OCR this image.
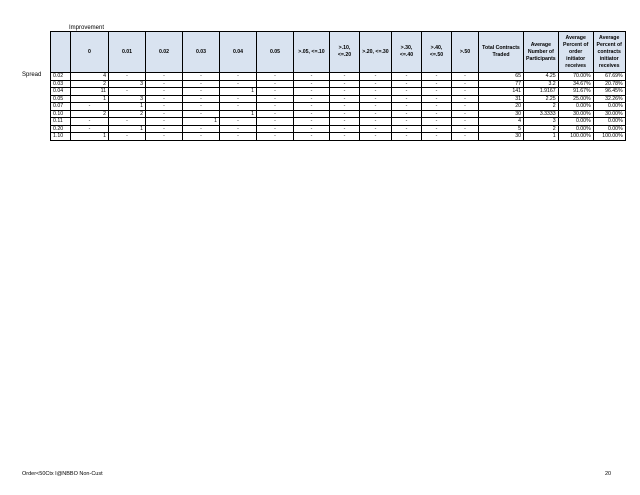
Improvement
Spread
	0	0.01	0.02	0.03	0.04	0.05	>.05, <=.10	>.10, <=.20	>.20, <=.30	>.30, <=.40	>.40, <=.50	>.50	Total Contracts Traded	Average Number of Participants	Average Percent of order initiator receives	Average Percent of contracts initiator receives
0.02	4	-	-	-	-	-	-	-	-	-	-	-	65	4.25	70.00%	67.69%
0.03	2	3	-	-	-	-	-	-	-	-	-	-	77	3.2	34.67%	20.78%
0.04	11	-	-	-	1	-	-	-	-	-	-	-	141	1.9167	91.67%	96.45%
0.05	1	3	-	-	-	-	-	-	-	-	-	-	31	2.25	25.00%	32.26%
0.07	-	1	-	-	-	-	-	-	-	-	-	-	20	2	0.00%	0.00%
0.10	2	2	-	-	1	-	-	-	-	-	-	-	30	3.3333	30.00%	30.00%
0.11	-	-	-	1	-	-	-	-	-	-	-	-	4	3	0.00%	0.00%
0.20	-	1	-	-	-	-	-	-	-	-	-	-	5	2	0.00%	0.00%
1.10	1	-	-	-	-	-	-	-	-	-	-	-	30	1	100.00%	100.00%
Order<50Ctx I@NBBO Non-Cust	20
